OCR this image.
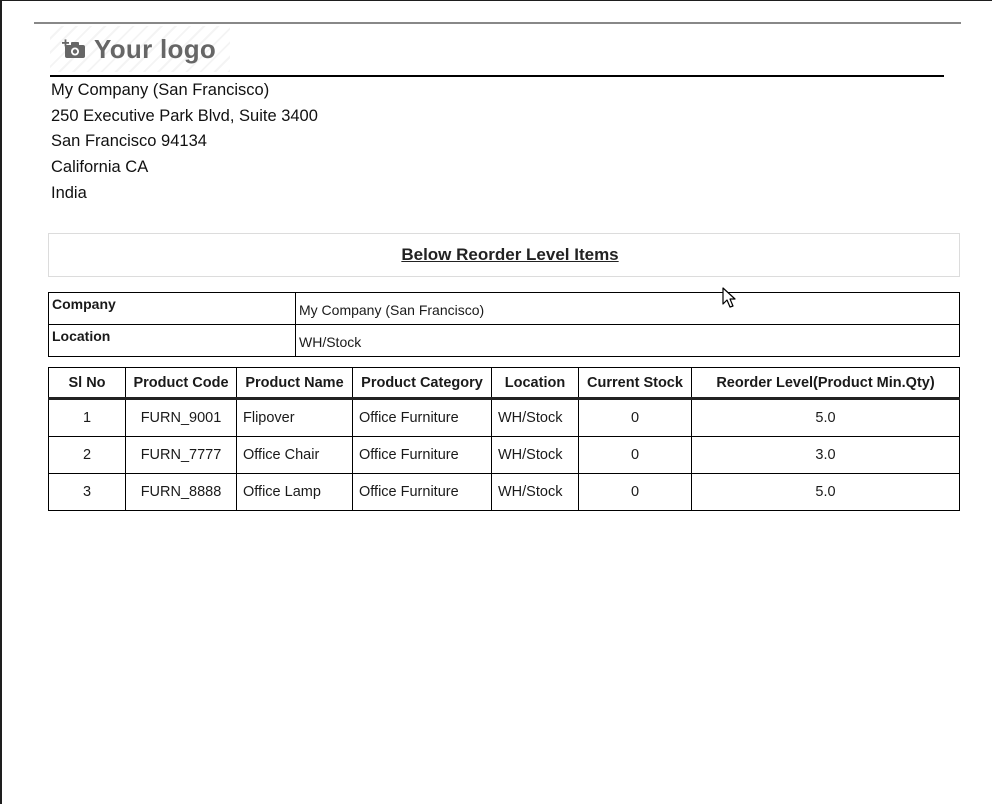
Your logo
My Company (San Francisco)
250 Executive Park Blvd, Suite 3400
San Francisco 94134
California CA
India
Below Reorder Level Items
Company	My Company (San Francisco)
Location	WH/Stock
Sl No	Product Code	Product Name	Product Category	Location	Current Stock	Reorder Level(Product Min.Qty)
1	FURN_9001	Flipover	Office Furniture	WH/Stock	0	5.0
2	FURN_7777	Office Chair	Office Furniture	WH/Stock	0	3.0
3	FURN_8888	Office Lamp	Office Furniture	WH/Stock	0	5.0
